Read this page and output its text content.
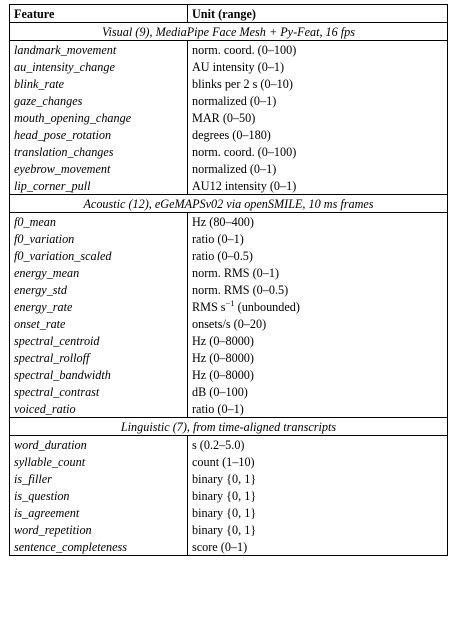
Feature	Unit (range)
Visual (9), MediaPipe Face Mesh + Py-Feat, 16 fps	
landmark_movement	norm. coord. (0–100)
au_intensity_change	AU intensity (0–1)
blink_rate	blinks per 2 s (0–10)
gaze_changes	normalized (0–1)
mouth_opening_change	MAR (0–50)
head_pose_rotation	degrees (0–180)
translation_changes	norm. coord. (0–100)
eyebrow_movement	normalized (0–1)
lip_corner_pull	AU12 intensity (0–1)
Acoustic (12), eGeMAPSv02 via openSMILE, 10 ms frames	
f0_mean	Hz (80–400)
f0_variation	ratio (0–1)
f0_variation_scaled	ratio (0–0.5)
energy_mean	norm. RMS (0–1)
energy_std	norm. RMS (0–0.5)
energy_rate	RMS $s^{-1}$ (unbounded)
onset_rate	onsets/s (0–20)
spectral_centroid	Hz (0–8000)
spectral_rolloff	Hz (0–8000)
spectral_bandwidth	Hz (0–8000)
spectral_contrast	dB (0–100)
voiced_ratio	ratio (0–1)
Linguistic (7), from time-aligned transcripts	
word_duration	s (0.2–5.0)
syllable_count	count (1–10)
is_filler	binary {0, 1}
is_question	binary {0, 1}
is_agreement	binary {0, 1}
word_repetition	binary {0, 1}
sentence_completeness	score (0–1)
